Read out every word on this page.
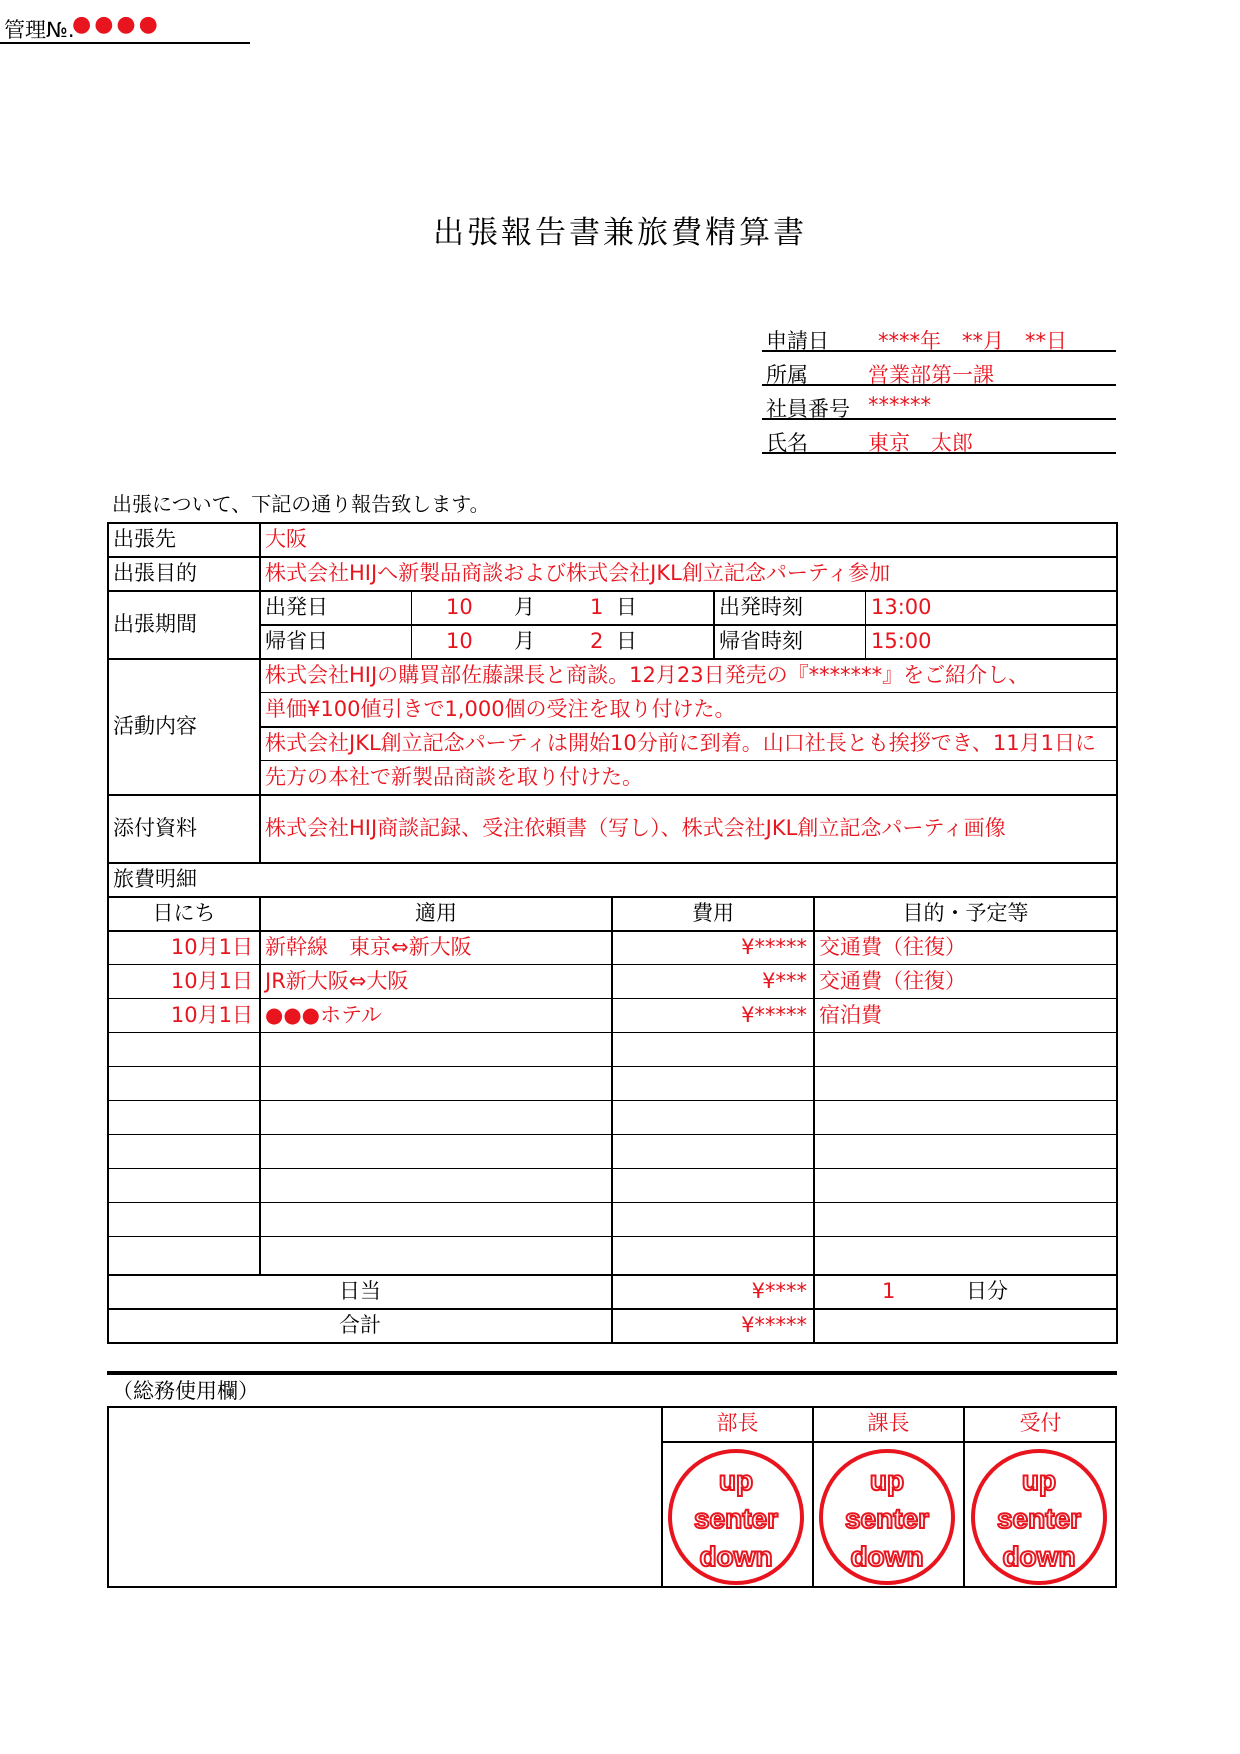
管理№.
●●●●
出張報告書兼旅費精算書
申請日 ****年　**月　**日
所属	営業部第一課
社員番号 ******
氏名	東京　太郎
出張について、下記の通り報告致します。
出張先	大阪
出張目的	株式会社HIJへ新製品商談および株式会社JKL創立記念パーティ参加
出張期間
出発日	10 月	1 日	出発時刻	13:00
帰省日	10 月	2 日	帰省時刻	15:00
活動内容
株式会社HIJの購買部佐藤課長と商談。12月23日発売の『*******』をご紹介し、
単価¥100値引きで1,000個の受注を取り付けた。
株式会社JKL創立記念パーティは開始10分前に到着。山口社長とも挨拶でき、11月1日に
先方の本社で新製品商談を取り付けた。
添付資料	株式会社HIJ商談記録、受注依頼書（写し）、株式会社JKL創立記念パーティ画像
旅費明細
日にち	適用	費用	目的・予定等
10月1日 新幹線　東京⇔新大阪	¥***** 交通費（往復）
10月1日 JR新大阪⇔大阪	¥*** 交通費（往復）
10月1日 ●●●ホテル	¥***** 宿泊費
日当	¥****	1	日分
合計	¥*****
（総務使用欄）
部長	課長	受付
up
senter
down
up
senter
down
up
senter
down
